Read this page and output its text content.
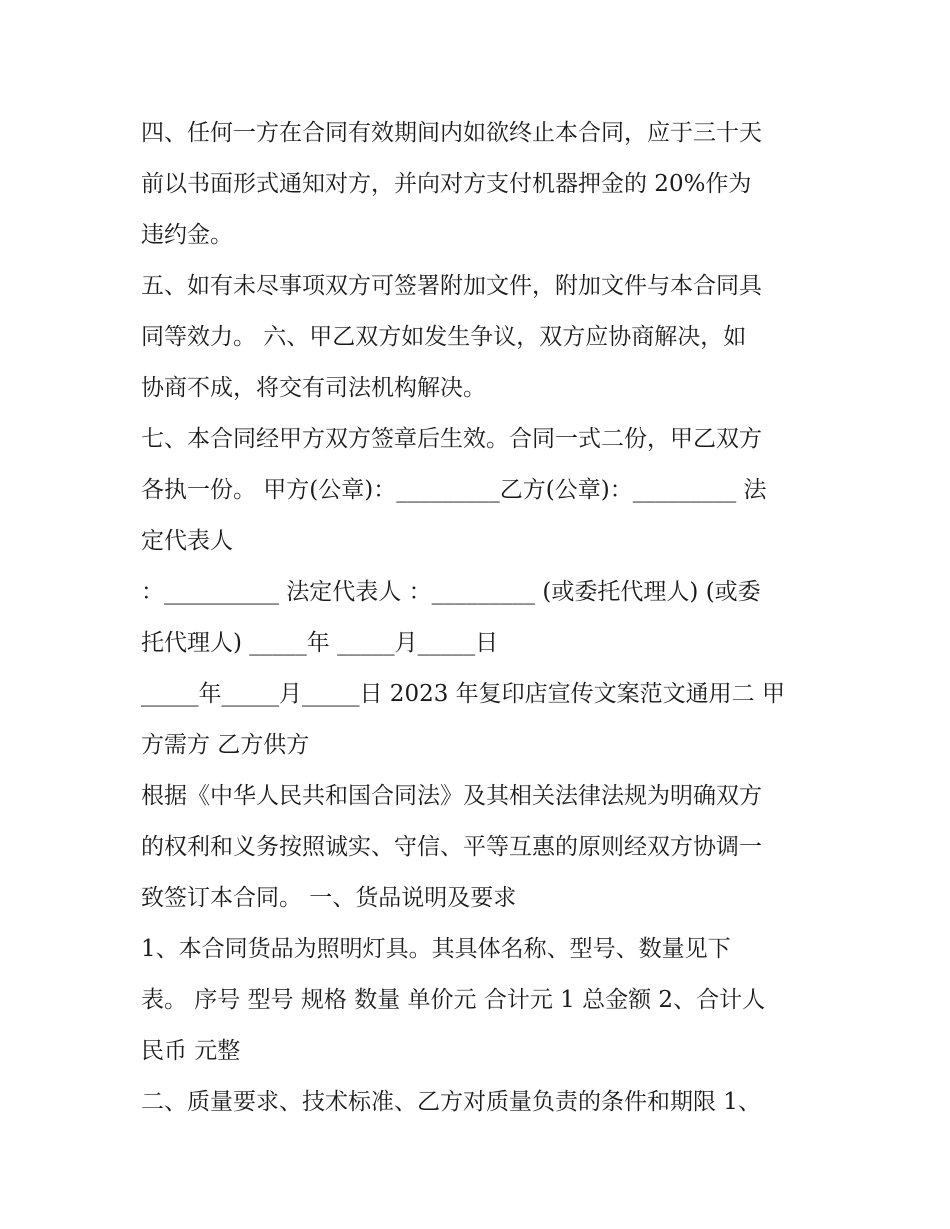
四、任何一方在合同有效期间内如欲终止本合同，应于三十天
前以书面形式通知对方，并向对方支付机器押金的 20%作为
违约金。
五、如有未尽事项双方可签署附加文件，附加文件与本合同具
同等效力。 六、甲乙双方如发生争议，双方应协商解决，如
协商不成，将交有司法机构解决。
七、本合同经甲方双方签章后生效。合同一式二份，甲乙双方
各执一份。 甲方(公章)：_________乙方(公章)：_________ 法
定代表人
：__________ 法定代表人 ：_________ (或委托代理人) (或委
托代理人) _____年 _____月_____日
_____年_____月_____日 2023 年复印店宣传文案范文通用二 甲
方需方 乙方供方
根据《中华人民共和国合同法》及其相关法律法规为明确双方
的权利和义务按照诚实、守信、平等互惠的原则经双方协调一
致签订本合同。 一、货品说明及要求
1、本合同货品为照明灯具。其具体名称、型号、数量见下
表。 序号 型号 规格 数量 单价元 合计元 1 总金额 2、合计人
民币 元整
二、质量要求、技术标准、乙方对质量负责的条件和期限 1、
